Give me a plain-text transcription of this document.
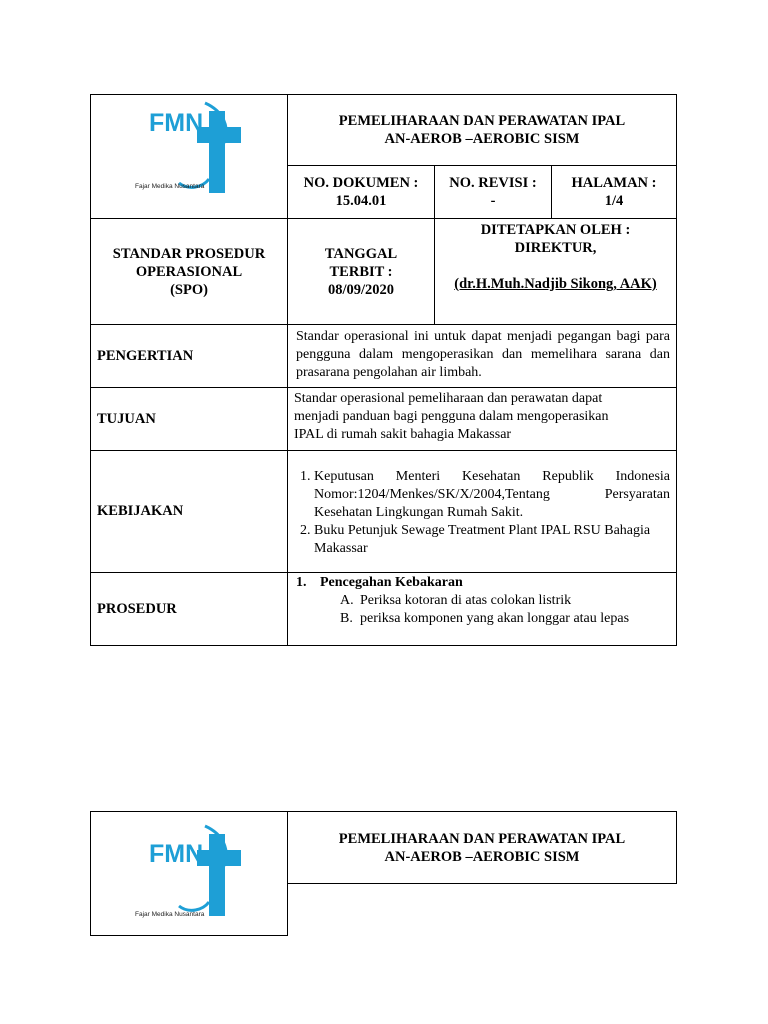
FMN
Fajar Medika Nusantara
PEMELIHARAAN DAN PERAWATAN IPAL
AN-AEROB –AEROBIC SISM
NO. DOKUMEN :
15.04.01
NO. REVISI :
-
HALAMAN :
1/4
STANDAR PROSEDUR
OPERASIONAL
(SPO)
TANGGAL
TERBIT :
08/09/2020
DITETAPKAN OLEH :
DIREKTUR,
(dr.H.Muh.Nadjib Sikong, AAK)
PENGERTIAN
Standar operasional ini untuk dapat menjadi pegangan bagi para pengguna dalam mengoperasikan dan memelihara sarana dan prasarana pengolahan air limbah.
TUJUAN
Standar operasional pemeliharaan dan perawatan dapat
menjadi panduan bagi pengguna dalam mengoperasikan
IPAL di rumah sakit bahagia Makassar
KEBIJAKAN
1. Keputusan Menteri Kesehatan Republik Indonesia Nomor:1204/Menkes/SK/X/2004,Tentang Persyaratan Kesehatan Lingkungan Rumah Sakit.
2. Buku Petunjuk Sewage Treatment Plant IPAL RSU Bahagia Makassar
PROSEDUR
1. Pencegahan Kebakaran
A. Periksa kotoran di atas colokan listrik
B. periksa komponen yang akan longgar atau lepas
FMN
Fajar Medika Nusantara
PEMELIHARAAN DAN PERAWATAN IPAL
AN-AEROB –AEROBIC SISM
